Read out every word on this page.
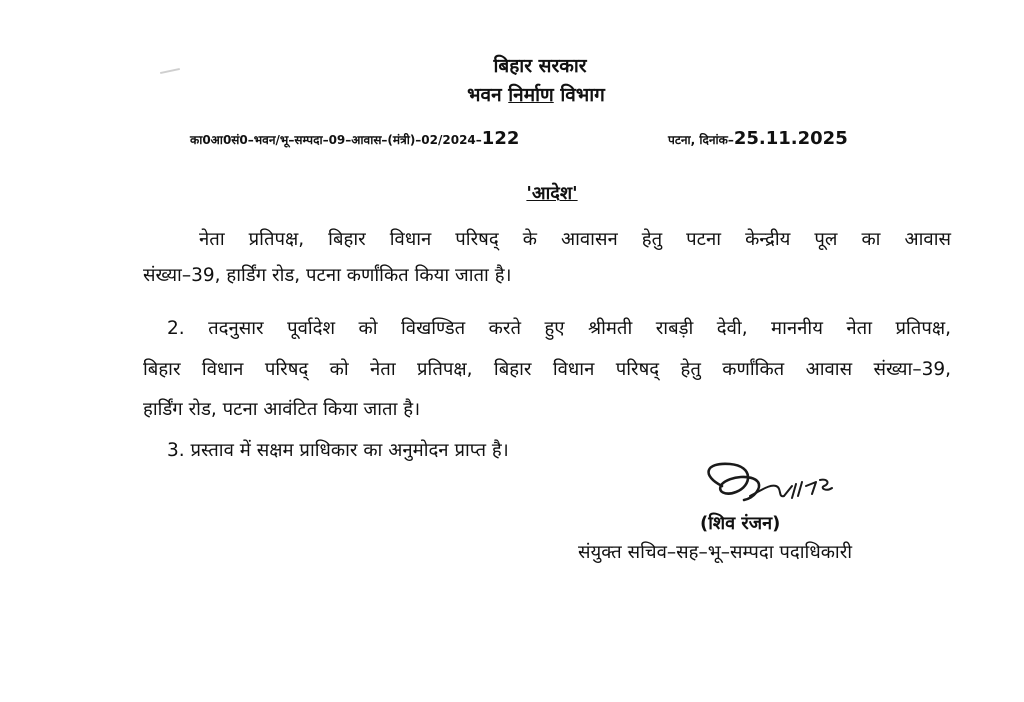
बिहार सरकार
भवन निर्माण विभाग
का0आ0सं0–भवन/भू–सम्पदा–09–आवास–(मंत्री)–02/2024–122	पटना, दिनांक–25.11.2025
'आदेश'
नेता प्रतिपक्ष, बिहार विधान परिषद् के आवासन हेतु पटना केन्द्रीय पूल का आवास
संख्या–39, हार्डिंग रोड, पटना कर्णांकित किया जाता है।
2. तदनुसार पूर्वादेश को विखण्डित करते हुए श्रीमती राबड़ी देवी, माननीय नेता प्रतिपक्ष,
बिहार विधान परिषद् को नेता प्रतिपक्ष, बिहार विधान परिषद् हेतु कर्णांकित आवास संख्या–39,
हार्डिंग रोड, पटना आवंटित किया जाता है।
3. प्रस्ताव में सक्षम प्राधिकार का अनुमोदन प्राप्त है।
(शिव रंजन)
संयुक्त सचिव–सह–भू–सम्पदा पदाधिकारी
